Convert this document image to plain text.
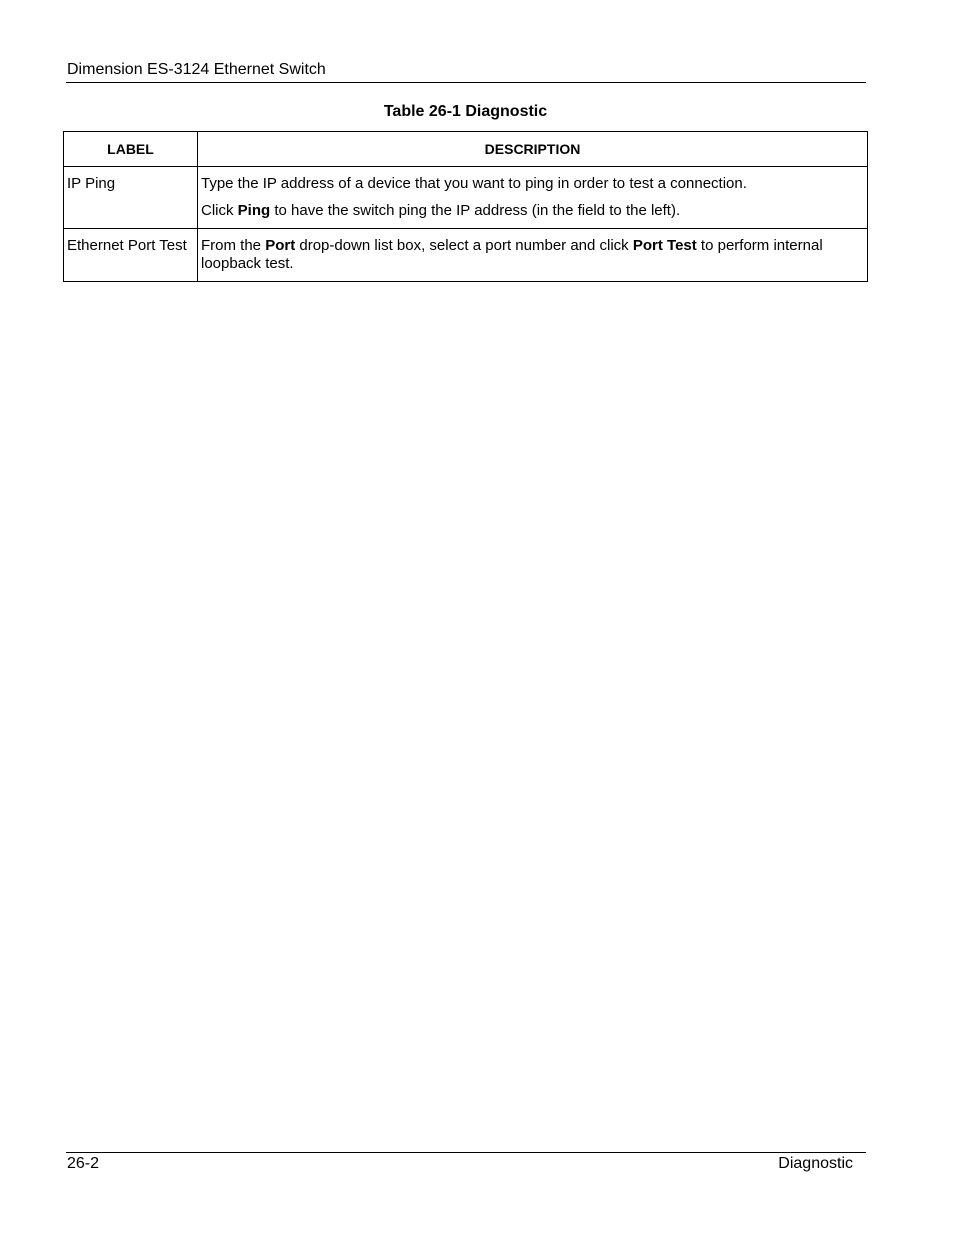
Dimension ES-3124 Ethernet Switch
Table 26-1 Diagnostic
LABEL	DESCRIPTION
IP Ping	Type the IP address of a device that you want to ping in order to test a connection.

Click Ping to have the switch ping the IP address (in the field to the left).

Ethernet Port Test	From the Port drop-down list box, select a port number and click Port Test to perform internal loopback test.

26-2	Diagnostic
